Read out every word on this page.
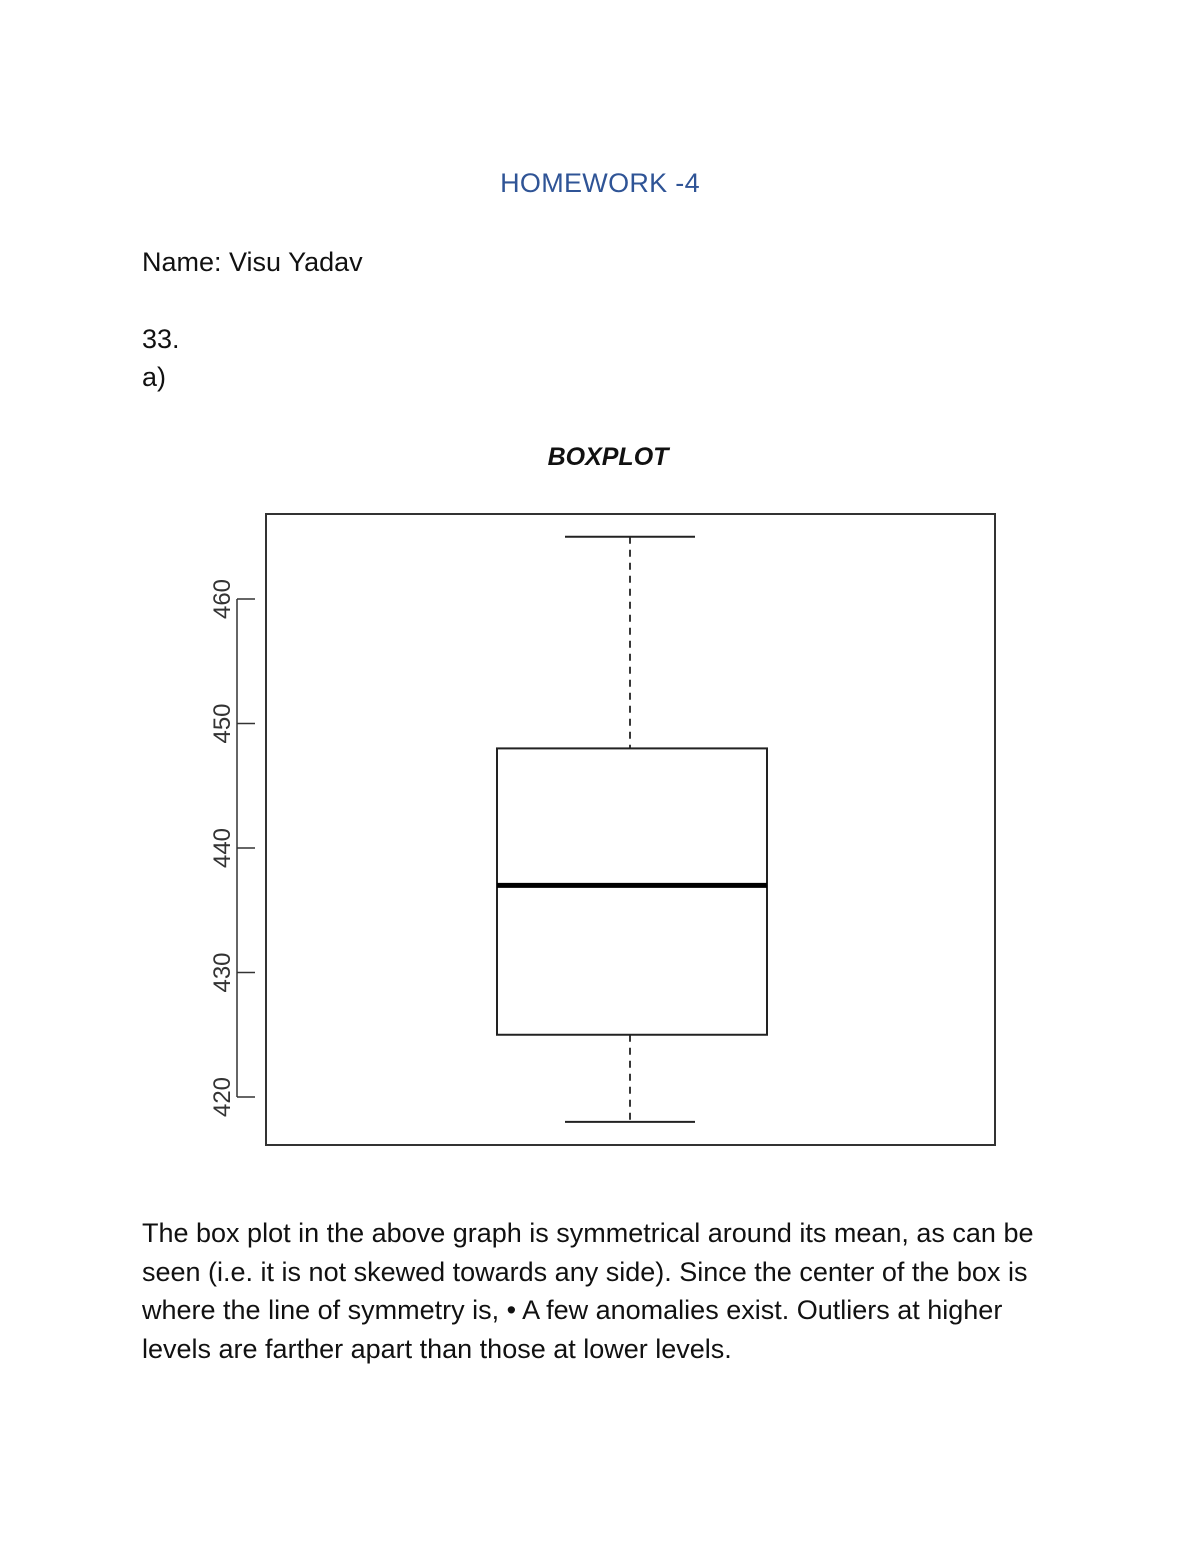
HOMEWORK -4
Name: Visu Yadav
33.
a)
BOXPLOT
420
430
440
450
460
The box plot in the above graph is symmetrical around its mean, as can be seen (i.e. it is not skewed towards any side). Since the center of the box is where the line of symmetry is, • A few anomalies exist. Outliers at higher levels are farther apart than those at lower levels.
